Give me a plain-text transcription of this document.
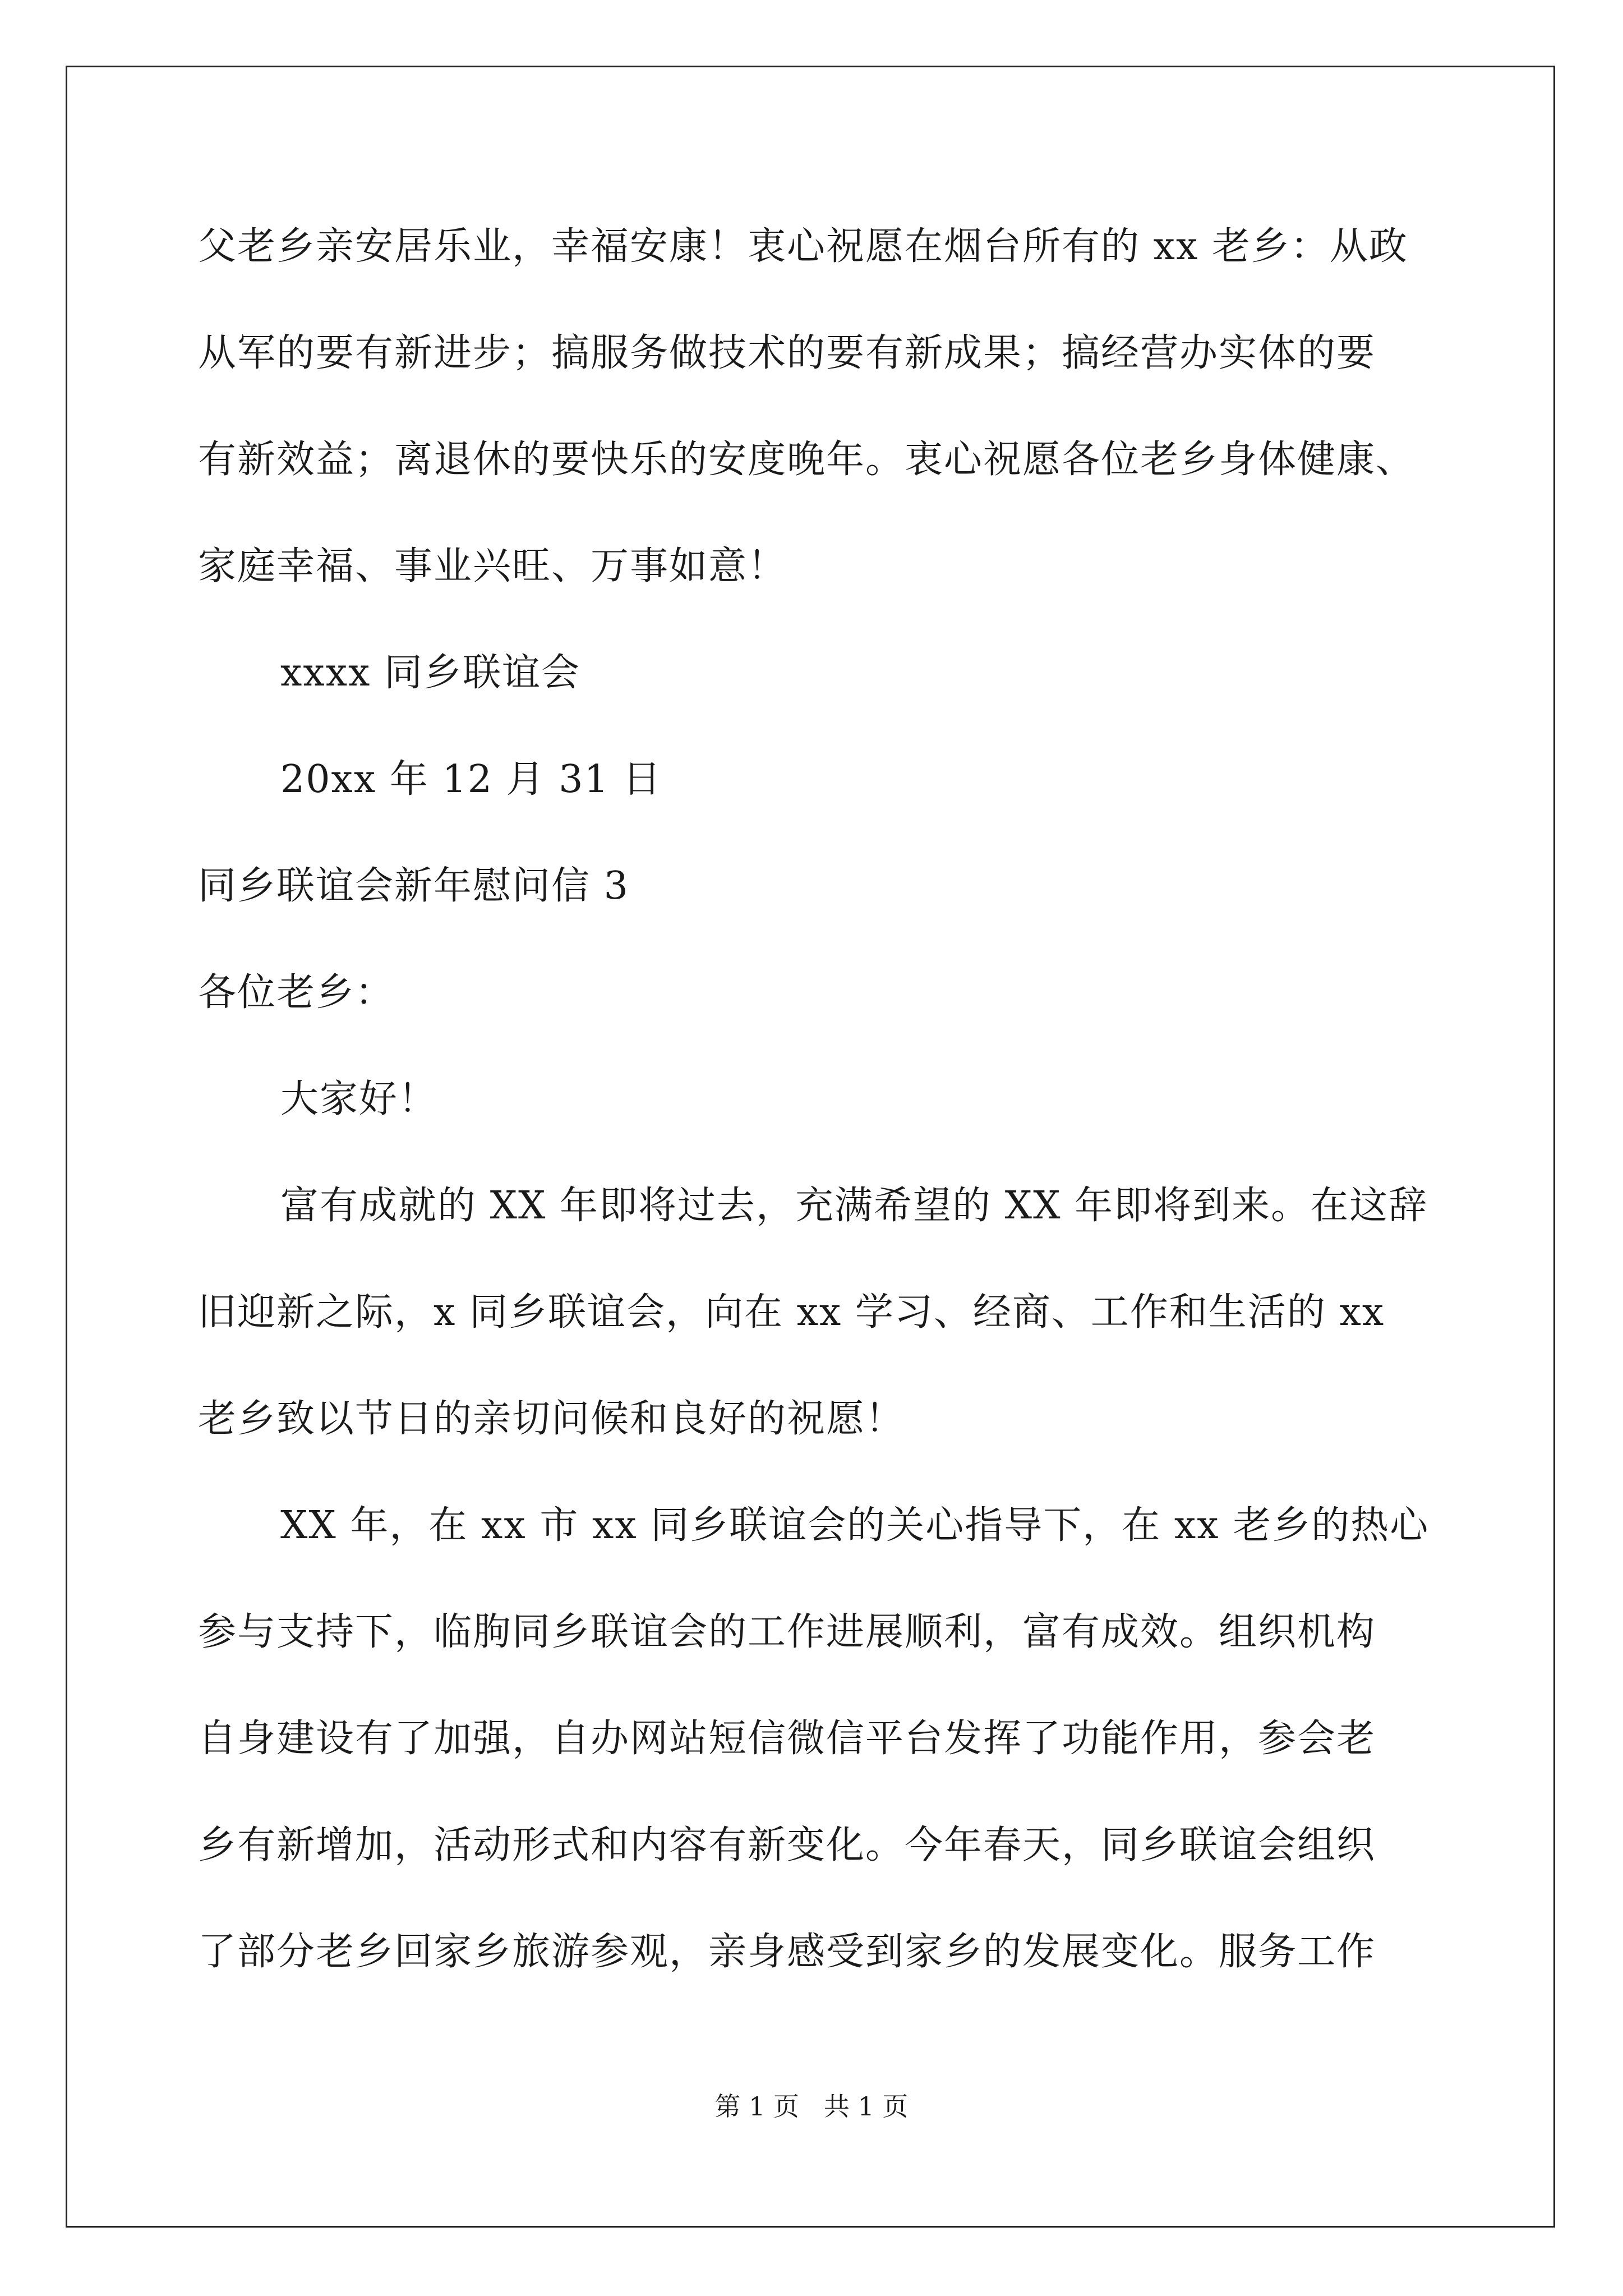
父老乡亲安居乐业，幸福安康！衷心祝愿在烟台所有的 xx 老乡：从政
从军的要有新进步；搞服务做技术的要有新成果；搞经营办实体的要
有新效益；离退休的要快乐的安度晚年。衷心祝愿各位老乡身体健康、
家庭幸福、事业兴旺、万事如意！
xxxx 同乡联谊会
20xx 年 12 月 31 日
同乡联谊会新年慰问信 3
各位老乡：
大家好！
富有成就的 XX 年即将过去，充满希望的 XX 年即将到来。在这辞
旧迎新之际，x 同乡联谊会，向在 xx 学习、经商、工作和生活的 xx
老乡致以节日的亲切问候和良好的祝愿！
XX 年，在 xx 市 xx 同乡联谊会的关心指导下，在 xx 老乡的热心
参与支持下，临朐同乡联谊会的工作进展顺利，富有成效。组织机构
自身建设有了加强，自办网站短信微信平台发挥了功能作用，参会老
乡有新增加，活动形式和内容有新变化。今年春天，同乡联谊会组织
了部分老乡回家乡旅游参观，亲身感受到家乡的发展变化。服务工作
第 1 页   共 1 页
